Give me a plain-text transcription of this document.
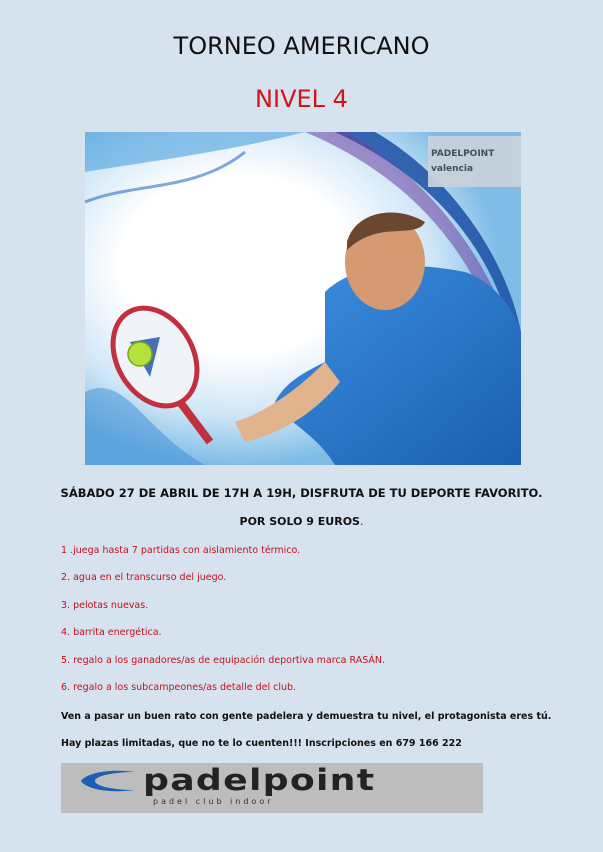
TORNEO AMERICANO
NIVEL 4
PADELPOINT
valencia
SÁBADO 27 DE ABRIL DE 17H A 19H, DISFRUTA DE TU DEPORTE FAVORITO.
POR SOLO 9 EUROS.
1 .juega hasta 7 partidas con aislamiento térmico.
2. agua en el transcurso del juego.
3. pelotas nuevas.
4. barrita energética.
5. regalo a los ganadores/as de equipación deportiva marca RASÁN.
6. regalo a los subcampeones/as detalle del club.
Ven a pasar un buen rato con gente padelera y demuestra tu nivel, el protagonista eres tú.
Hay plazas limitadas, que no te lo cuenten!!! Inscripciones en 679 166 222
padelpoint
padel club indoor
